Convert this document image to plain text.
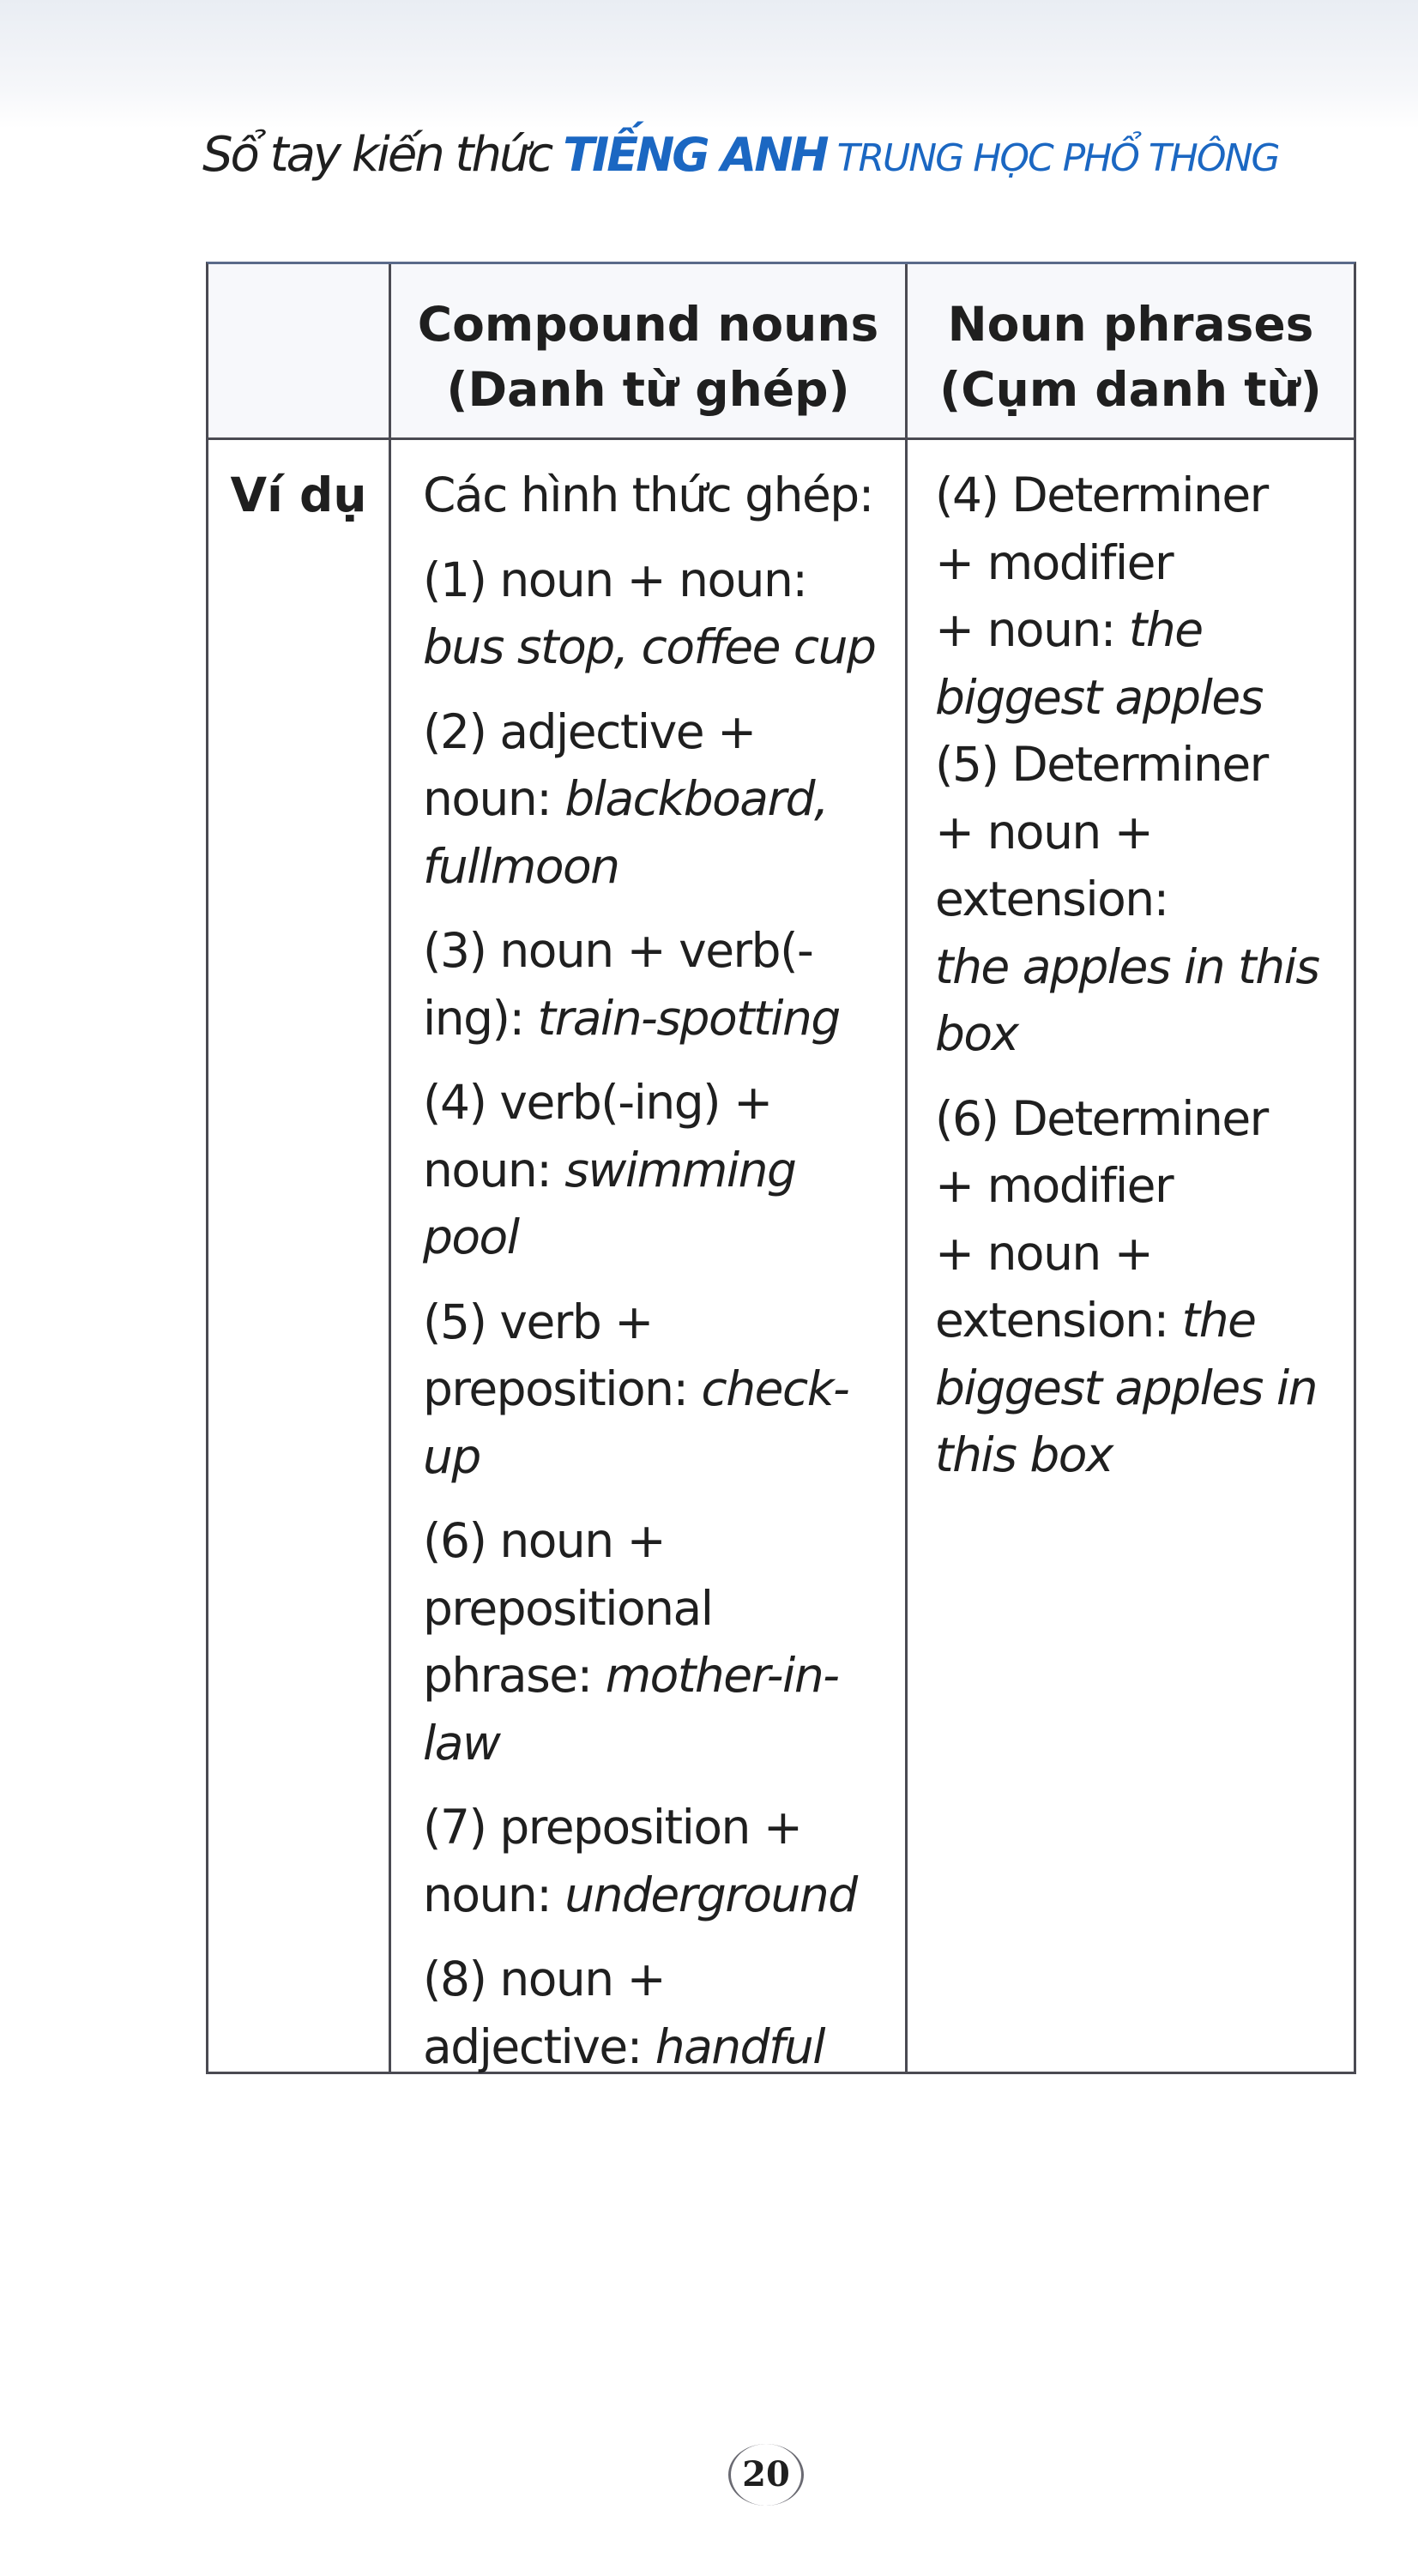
Sổ tay kiến thức TIẾNG ANH TRUNG HỌC PHỔ THÔNG
Compound nouns
(Danh từ ghép)
Noun phrases
(Cụm danh từ)
Ví dụ	Các hình thức ghép:

(1) noun + noun:
bus stop, coffee cup

(2) adjective +
noun: blackboard,
fullmoon

(3) noun + verb(-
ing): train-spotting

(4) verb(-ing) +
noun: swimming
pool

(5) verb +
preposition: check-
up

(6) noun +
prepositional
phrase: mother-in-
law

(7) preposition +
noun: underground

(8) noun +
adjective: handful

(4) Determiner
+ modifier
+ noun: the
biggest apples

(5) Determiner
+ noun +
extension:
the apples in this
box

(6) Determiner
+ modifier
+ noun +
extension: the
biggest apples in
this box

20
